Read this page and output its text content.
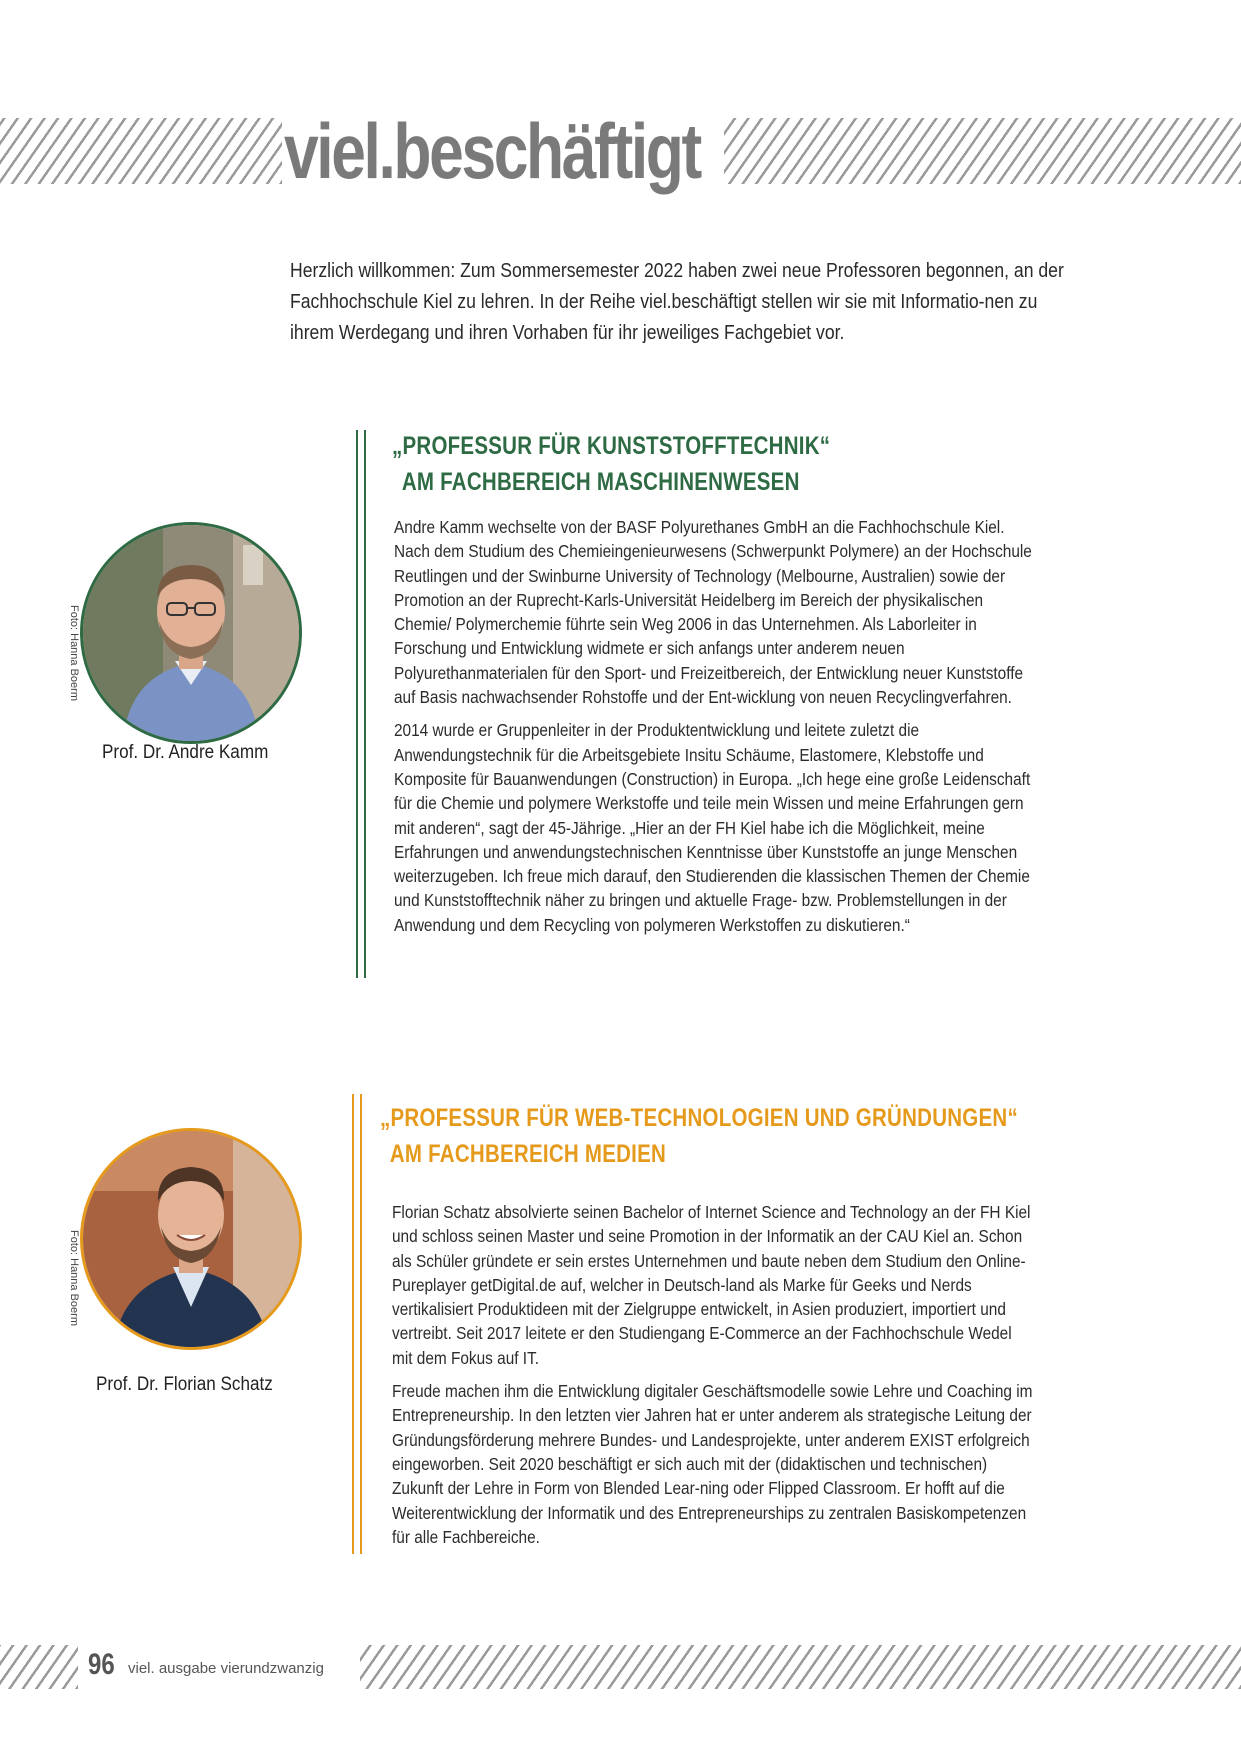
viel.beschäftigt

Herzlich willkommen: Zum Sommersemester 2022 haben zwei neue Professoren begonnen, an der Fachhochschule Kiel zu lehren. In der Reihe viel.beschäftigt stellen wir sie mit Informatio-nen zu ihrem Werdegang und ihren Vorhaben für ihr jeweiliges Fachgebiet vor.

„PROFESSUR FÜR KUNSTSTOFFTECHNIK“
AM FACHBEREICH MASCHINENWESEN
Foto: Hanna Boerm
Prof. Dr. Andre Kamm

Andre Kamm wechselte von der BASF Polyurethanes GmbH an die Fachhochschule Kiel. Nach dem Studium des Chemieingenieurwesens (Schwerpunkt Polymere) an der Hochschule Reutlingen und der Swinburne University of Technology (Melbourne, Australien) sowie der Promotion an der Ruprecht-Karls-Universität Heidelberg im Bereich der physikalischen Chemie/ Polymerchemie führte sein Weg 2006 in das Unternehmen. Als Laborleiter in Forschung und Entwicklung widmete er sich anfangs unter anderem neuen Polyurethanmaterialen für den Sport- und Freizeitbereich, der Entwicklung neuer Kunststoffe auf Basis nachwachsender Rohstoffe und der Ent-wicklung von neuen Recyclingverfahren.

2014 wurde er Gruppenleiter in der Produktentwicklung und leitete zuletzt die Anwendungstechnik für die Arbeitsgebiete Insitu Schäume, Elastomere, Klebstoffe und Komposite für Bauanwendungen (Construction) in Europa. „Ich hege eine große Leidenschaft für die Chemie und polymere Werkstoffe und teile mein Wissen und meine Erfahrungen gern mit anderen“, sagt der 45-Jährige. „Hier an der FH Kiel habe ich die Möglichkeit, meine Erfahrungen und anwendungstechnischen Kenntnisse über Kunststoffe an junge Menschen weiterzugeben. Ich freue mich darauf, den Studierenden die klassischen Themen der Chemie und Kunststofftechnik näher zu bringen und aktuelle Frage- bzw. Problemstellungen in der Anwendung und dem Recycling von polymeren Werkstoffen zu diskutieren.“

„PROFESSUR FÜR WEB-TECHNOLOGIEN UND GRÜNDUNGEN“
AM FACHBEREICH MEDIEN
Foto: Hanna Boerm
Prof. Dr. Florian Schatz

Florian Schatz absolvierte seinen Bachelor of Internet Science and Technology an der FH Kiel und schloss seinen Master und seine Promotion in der Informatik an der CAU Kiel an. Schon als Schüler gründete er sein erstes Unternehmen und baute neben dem Studium den Online-Pureplayer getDigital.de auf, welcher in Deutsch-land als Marke für Geeks und Nerds vertikalisiert Produktideen mit der Zielgruppe entwickelt, in Asien produziert, importiert und vertreibt. Seit 2017 leitete er den Studiengang E-Commerce an der Fachhochschule Wedel mit dem Fokus auf IT.

Freude machen ihm die Entwicklung digitaler Geschäftsmodelle sowie Lehre und Coaching im Entrepreneurship. In den letzten vier Jahren hat er unter anderem als strategische Leitung der Gründungsförderung mehrere Bundes- und Landesprojekte, unter anderem EXIST erfolgreich eingeworben. Seit 2020 beschäftigt er sich auch mit der (didaktischen und technischen) Zukunft der Lehre in Form von Blended Lear-ning oder Flipped Classroom. Er hofft auf die Weiterentwicklung der Informatik und des Entrepreneurships zu zentralen Basiskompetenzen für alle Fachbereiche.

96 viel. ausgabe vierundzwanzig
